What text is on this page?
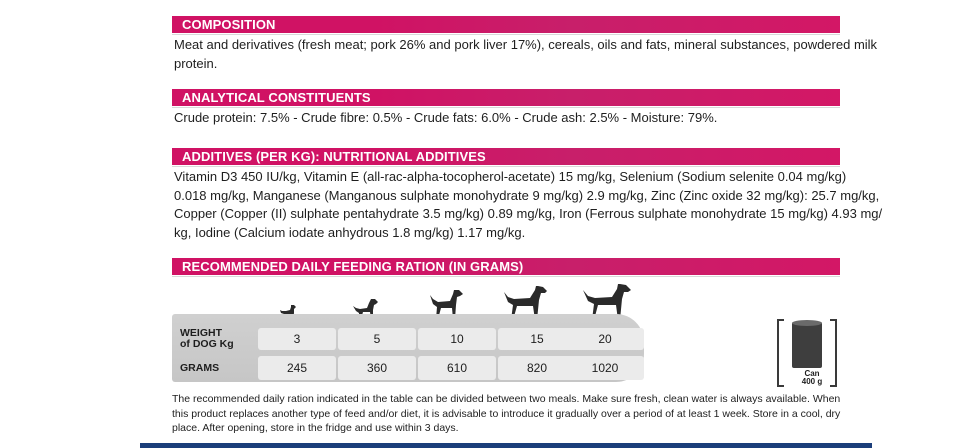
COMPOSITION
Meat and derivatives (fresh meat; pork 26% and pork liver 17%), cereals, oils and fats, mineral substances, powdered milk
protein.
ANALYTICAL CONSTITUENTS
Crude protein: 7.5% - Crude fibre: 0.5% - Crude fats: 6.0% - Crude ash: 2.5% - Moisture: 79%.
ADDITIVES (PER KG): NUTRITIONAL ADDITIVES
Vitamin D3 450 IU/kg, Vitamin E (all-rac-alpha-tocopherol-acetate) 15 mg/kg, Selenium (Sodium selenite 0.04 mg/kg)
0.018 mg/kg, Manganese (Manganous sulphate monohydrate 9 mg/kg) 2.9 mg/kg, Zinc (Zinc oxide 32 mg/kg): 25.7 mg/kg,
Copper (Copper (II) sulphate pentahydrate 3.5 mg/kg) 0.89 mg/kg, Iron (Ferrous sulphate monohydrate 15 mg/kg) 4.93 mg/
kg, Iodine (Calcium iodate anhydrous 1.8 mg/kg) 1.17 mg/kg.
RECOMMENDED DAILY FEEDING RATION (IN GRAMS)
WEIGHT
of DOG Kg	3	5	10	15	20
GRAMS	245	360	610	820	1020	Can
400 g
The recommended daily ration indicated in the table can be divided between two meals. Make sure fresh, clean water is always available. When
this product replaces another type of feed and/or diet, it is advisable to introduce it gradually over a period of at least 1 week. Store in a cool, dry
place. After opening, store in the fridge and use within 3 days.
